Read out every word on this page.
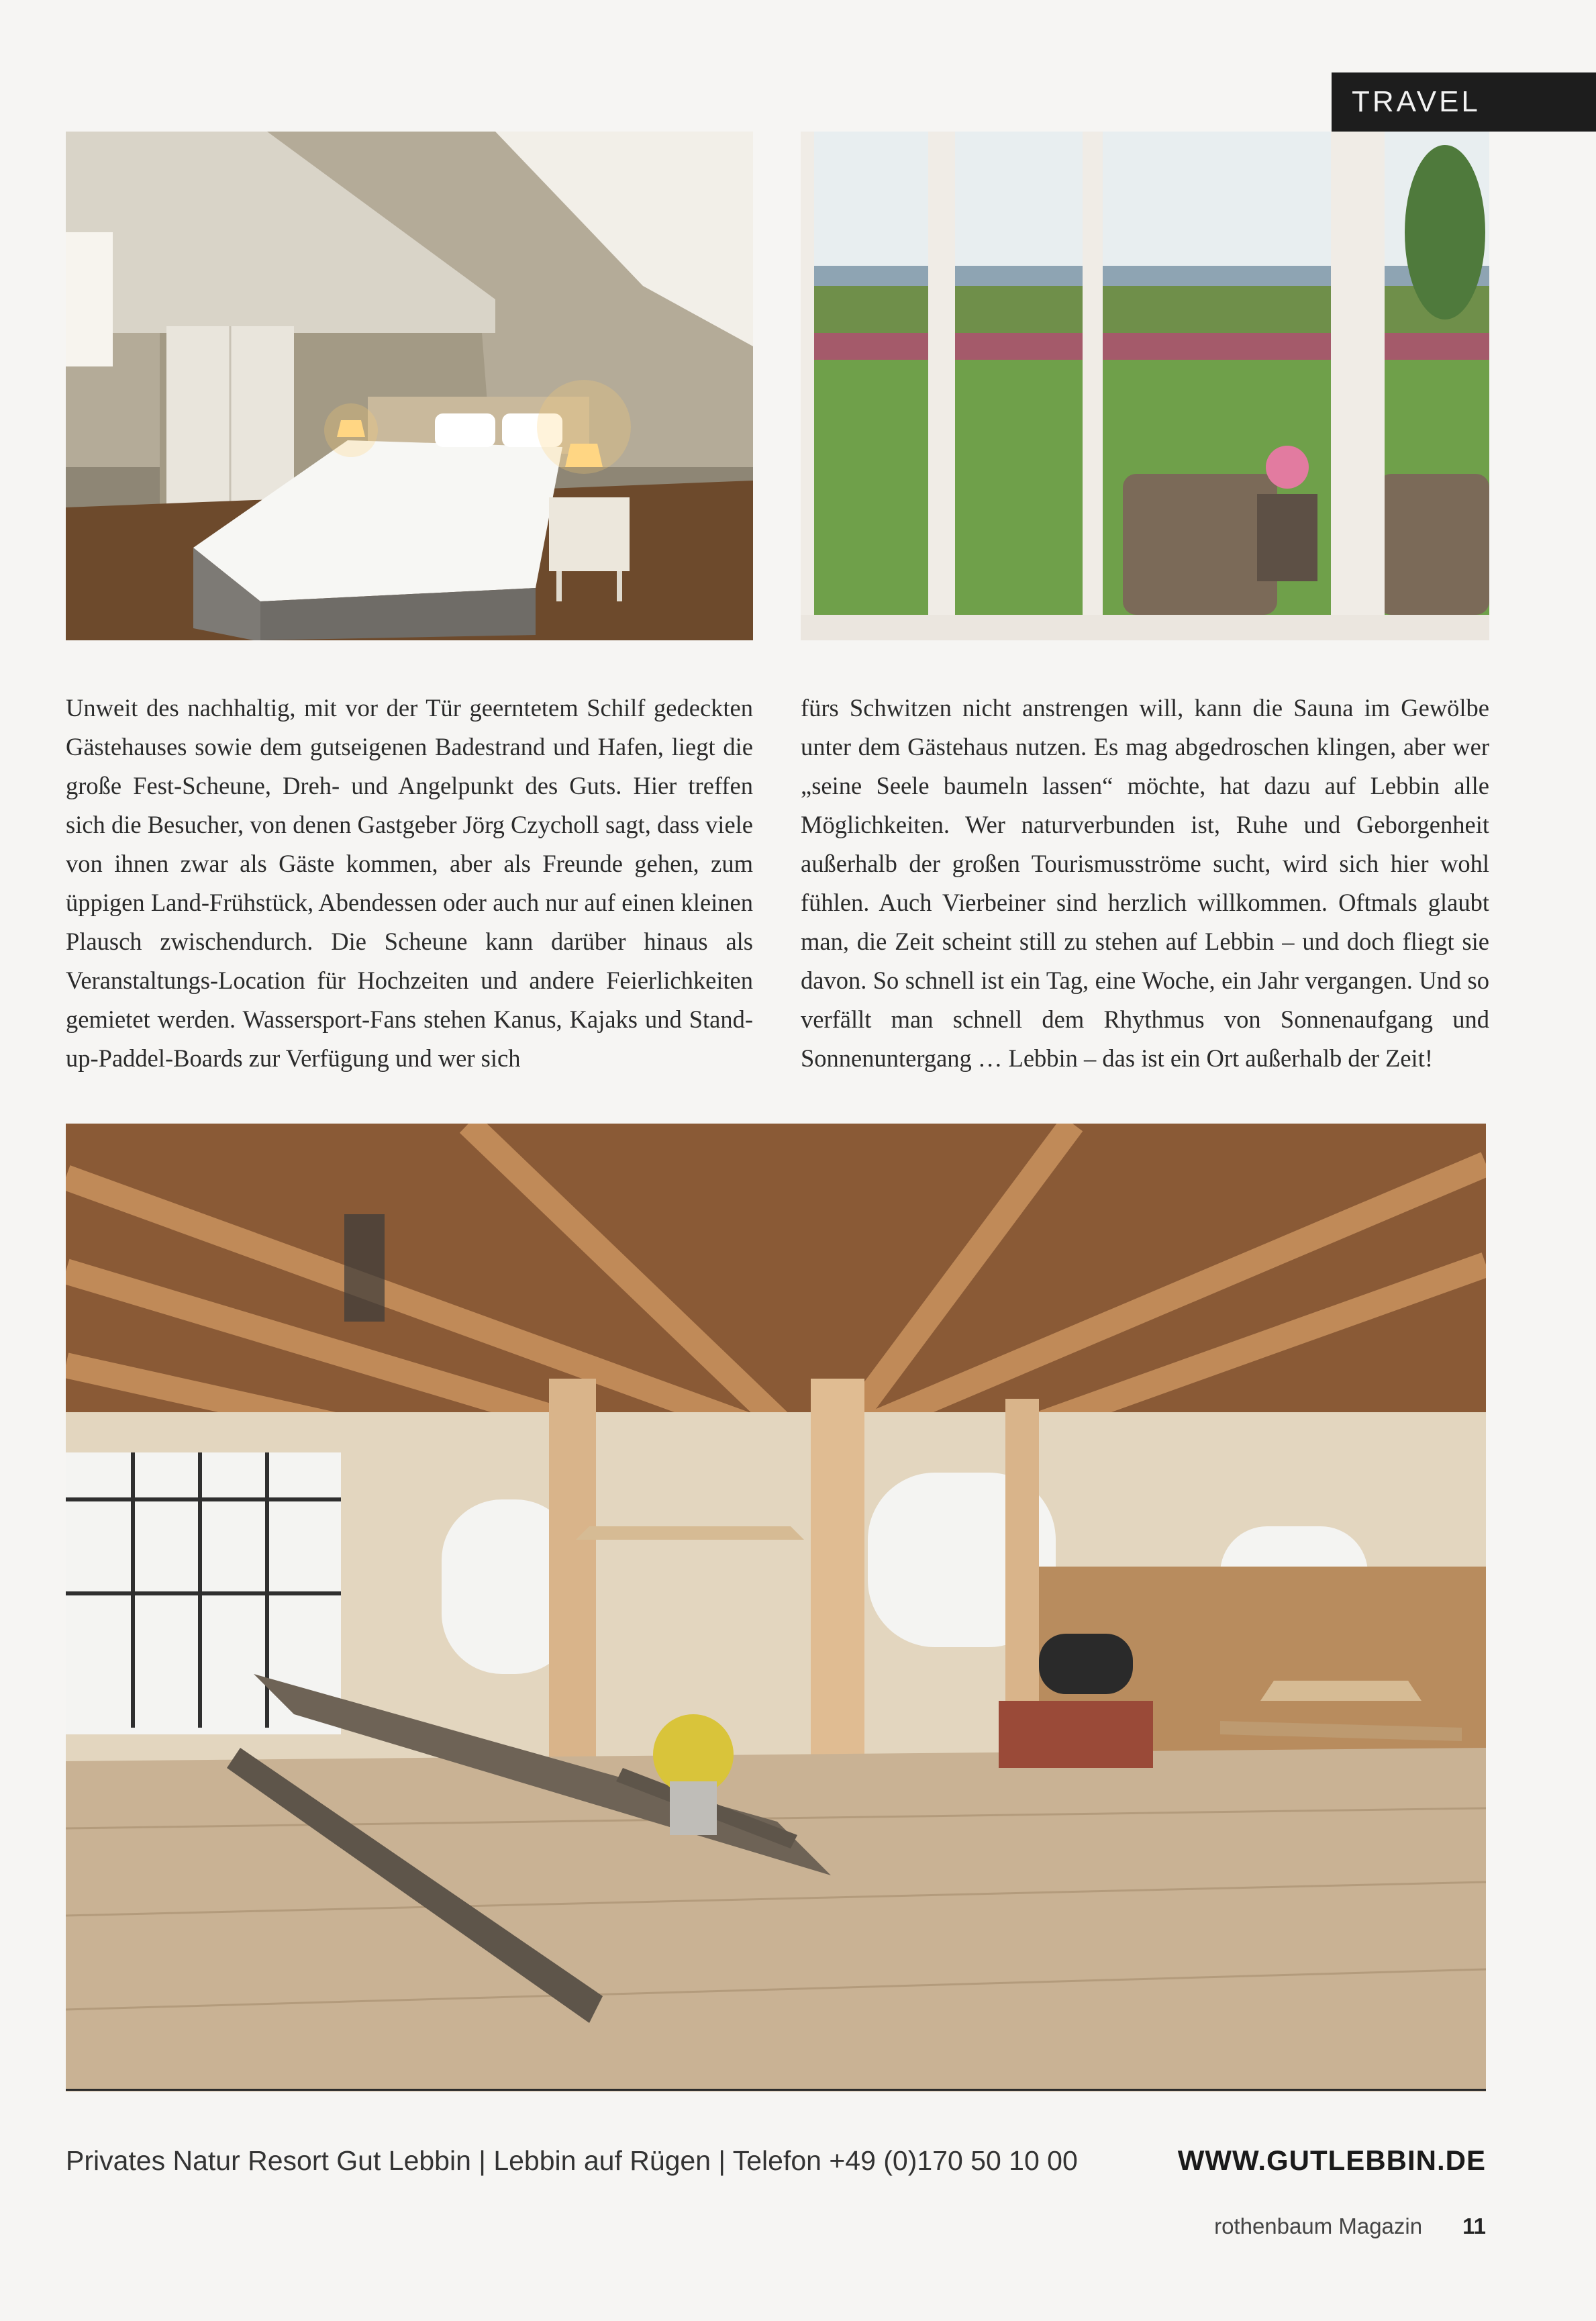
TRAVEL

Unweit des nachhaltig, mit vor der Tür geerntetem Schilf gedeckten Gästehauses sowie dem gutseigenen Badestrand und Hafen, liegt die große Fest-Scheune, Dreh- und Angelpunkt des Guts. Hier treffen sich die Besucher, von denen Gastgeber Jörg Czycholl sagt, dass viele von ihnen zwar als Gäste kommen, aber als Freunde gehen, zum üppigen Land-Frühstück, Abendessen oder auch nur auf einen kleinen Plausch zwischendurch. Die Scheune kann darüber hinaus als Veranstaltungs-Location für Hochzeiten und andere Feierlichkeiten gemietet werden. Wassersport-Fans stehen Kanus, Kajaks und Stand-up-Paddel-Boards zur Verfügung und wer sich

fürs Schwitzen nicht anstrengen will, kann die Sauna im Gewölbe unter dem Gästehaus nutzen. Es mag abgedroschen klingen, aber wer „seine Seele baumeln lassen“ möchte, hat dazu auf Lebbin alle Möglichkeiten. Wer naturverbunden ist, Ruhe und Geborgenheit außerhalb der großen Tourismusströme sucht, wird sich hier wohl fühlen. Auch Vierbeiner sind herzlich willkommen. Oftmals glaubt man, die Zeit scheint still zu stehen auf Lebbin – und doch fliegt sie davon. So schnell ist ein Tag, eine Woche, ein Jahr vergangen. Und so verfällt man schnell dem Rhythmus von Sonnenaufgang und Sonnenuntergang … Lebbin – das ist ein Ort außerhalb der Zeit!

Privates Natur Resort Gut Lebbin | Lebbin auf Rügen | Telefon +49 (0)170 50 10 00	WWW.GUTLEBBIN.DE
rothenbaum Magazin 11
